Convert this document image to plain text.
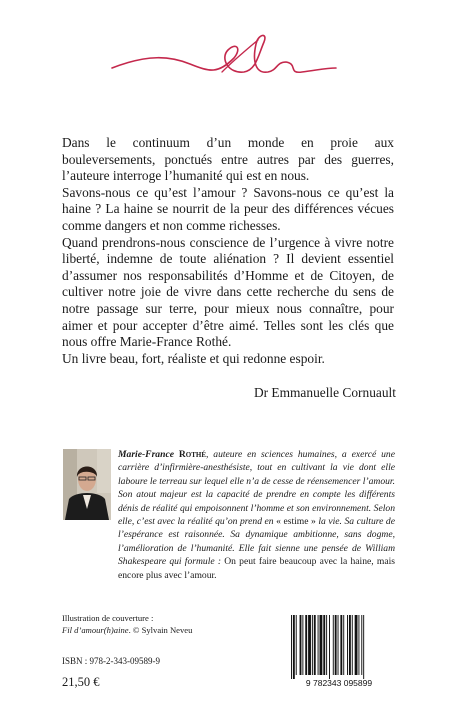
Dans le continuum d’un monde en proie aux bouleversements, ponctués entre autres par des guerres, l’auteure interroge l’humanité qui est en nous.

Savons-nous ce qu’est l’amour ? Savons-nous ce qu’est la haine ? La haine se nourrit de la peur des différences vécues comme dangers et non comme richesses.

Quand prendrons-nous conscience de l’urgence à vivre notre liberté, indemne de toute aliénation ? Il devient essentiel d’assumer nos responsabilités d’Homme et de Citoyen, de cultiver notre joie de vivre dans cette recherche du sens de notre passage sur terre, pour mieux nous connaître, pour aimer et pour accepter d’être aimé. Telles sont les clés que nous offre Marie-France Rothé.

Un livre beau, fort, réaliste et qui redonne espoir.

Dr Emmanuelle Cornuault
Marie-France Rothé, auteure en sciences humaines, a exercé une carrière d’infirmière-anesthésiste, tout en cultivant la vie dont elle laboure le terreau sur lequel elle n’a de cesse de réensemencer l’amour. Son atout majeur est la capacité de prendre en compte les différents dénis de réalité qui empoisonnent l’homme et son environnement. Selon elle, c’est avec la réalité qu’on prend en « estime » la vie. Sa culture de l’espérance est raisonnée. Sa dynamique ambitionne, sans dogme, l’amélioration de l’humanité. Elle fait sienne une pensée de William Shakespeare qui formule : On peut faire beaucoup avec la haine, mais encore plus avec l’amour.
Illustration de couverture :
Fil d’amour(h)aine. © Sylvain Neveu
ISBN : 978-2-343-09589-9
21,50 €	9 782343 095899
